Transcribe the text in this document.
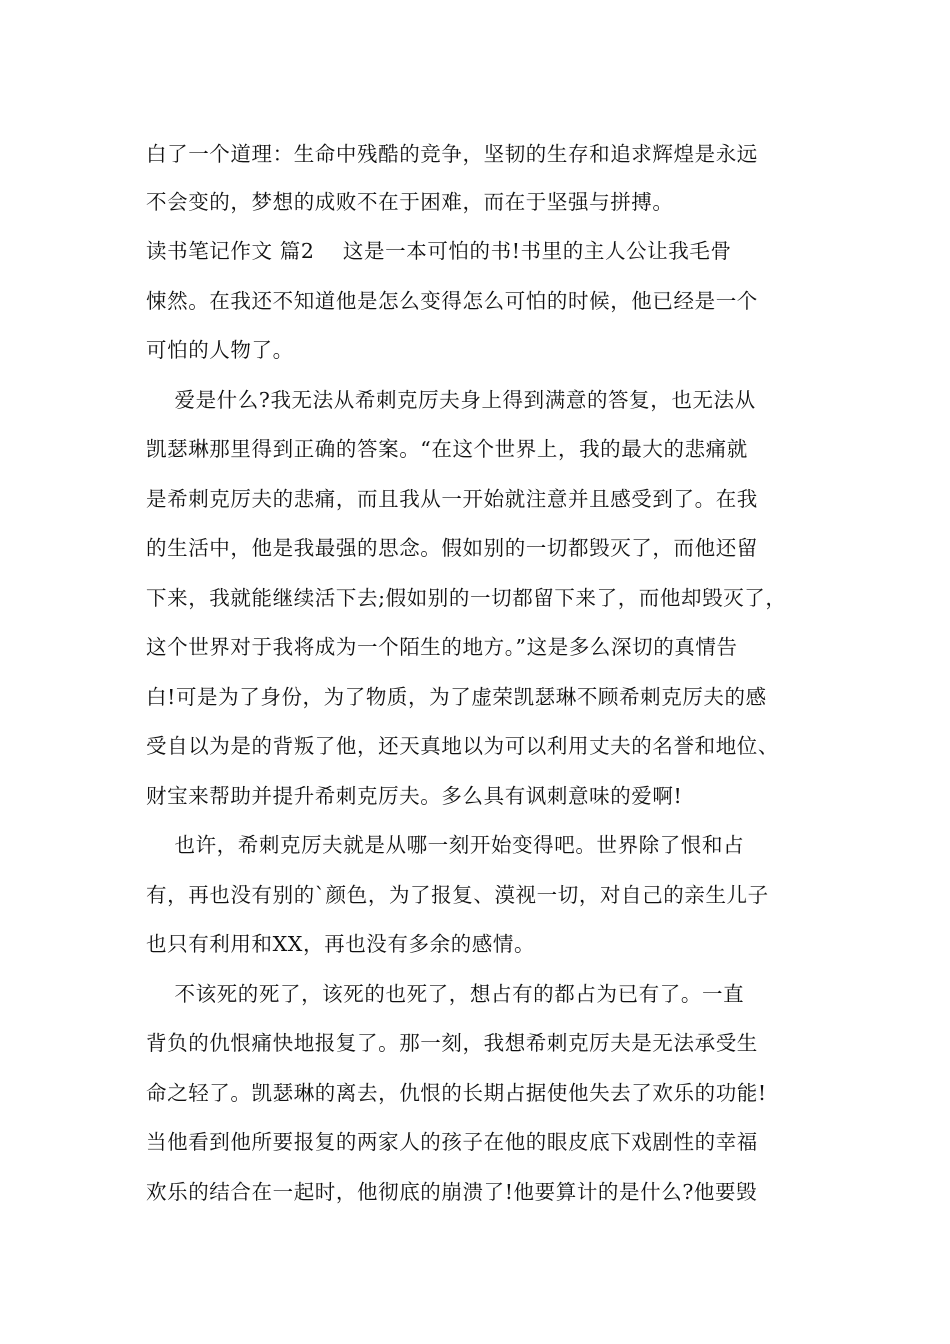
白了一个道理：生命中残酷的竞争，坚韧的生存和追求辉煌是永远
不会变的，梦想的成败不在于困难，而在于坚强与拼搏。
读书笔记作文 篇2    这是一本可怕的书!书里的主人公让我毛骨
悚然。在我还不知道他是怎么变得怎么可怕的时候，他已经是一个
可怕的人物了。
爱是什么?我无法从希刺克厉夫身上得到满意的答复，也无法从
凯瑟琳那里得到正确的答案。“在这个世界上，我的最大的悲痛就
是希刺克厉夫的悲痛，而且我从一开始就注意并且感受到了。在我
的生活中，他是我最强的思念。假如别的一切都毁灭了，而他还留
下来，我就能继续活下去;假如别的一切都留下来了，而他却毁灭了，
这个世界对于我将成为一个陌生的地方。”这是多么深切的真情告
白!可是为了身份，为了物质，为了虚荣凯瑟琳不顾希刺克厉夫的感
受自以为是的背叛了他，还天真地以为可以利用丈夫的名誉和地位、
财宝来帮助并提升希刺克厉夫。多么具有讽刺意味的爱啊!
也许，希刺克厉夫就是从哪一刻开始变得吧。世界除了恨和占
有，再也没有别的`颜色，为了报复、漠视一切，对自己的亲生儿子
也只有利用和XX，再也没有多余的感情。
不该死的死了，该死的也死了，想占有的都占为已有了。一直
背负的仇恨痛快地报复了。那一刻，我想希刺克厉夫是无法承受生
命之轻了。凯瑟琳的离去，仇恨的长期占据使他失去了欢乐的功能!
当他看到他所要报复的两家人的孩子在他的眼皮底下戏剧性的幸福
欢乐的结合在一起时，他彻底的崩溃了!他要算计的是什么?他要毁
